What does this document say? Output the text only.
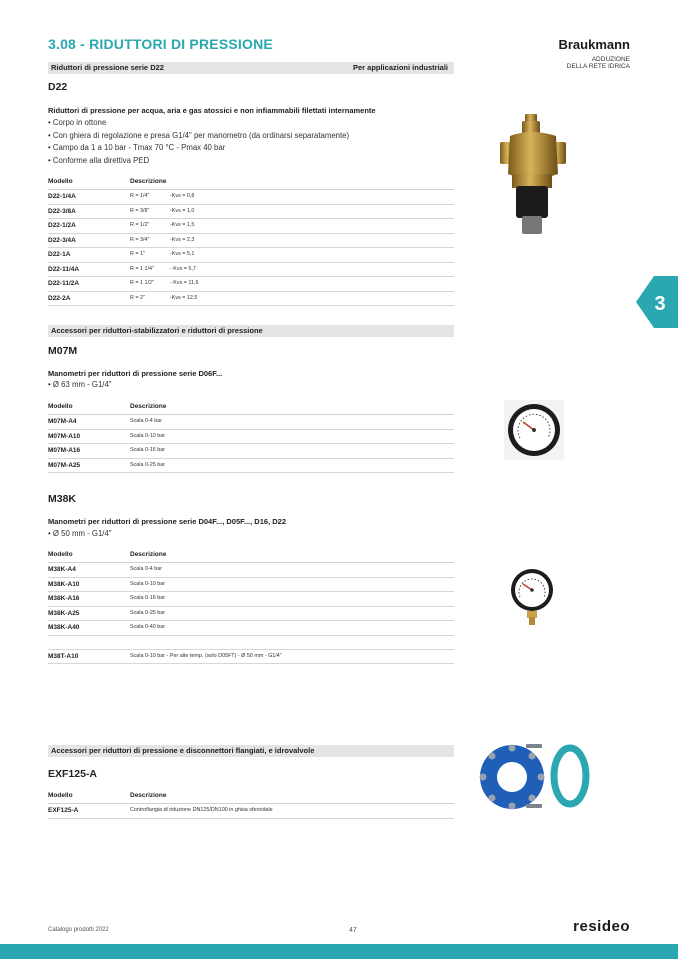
3.08 - RIDUTTORI DI PRESSIONE	Braukmann
ADDUZIONE
DELLA RETE IDRICA
Riduttori di pressione serie D22	Per applicazioni industriali
D22
Riduttori di pressione per acqua, aria e gas atossici e non infiammabili filettati internamente
• Corpo in ottone
• Con ghiera di regolazione e presa G1/4" per manometro (da ordinarsi separatamente)
• Campo da 1 a 10 bar - Tmax 70 °C - Pmax 40 bar
• Conforme alla direttiva PED
Modello	Descrizione
D22-1/4A	R = 1/4"	-Kvs = 0,8
D22-3/8A	R = 3/8"	-Kvs = 1,0
D22-1/2A	R = 1/2"	-Kvs = 1,5
D22-3/4A	R = 3/4"	-Kvs = 2,3
D22-1A	R = 1"	-Kvs = 5,1
D22-11/4A	R = 1 1/4"	- Kvs = 5,7
D22-11/2A	R = 1 1/2"	- Kvs = 11,6
D22-2A	R = 2"	-Kvs = 12,5	3
Accessori per riduttori-stabilizzatori e riduttori di pressione
M07M
Manometri per riduttori di pressione serie D06F...
• Ø 63 mm - G1/4"
Modello	Descrizione
M07M-A4	Scala 0-4 bar
M07M-A10	Scala 0-10 bar
M07M-A16	Scala 0-16 bar
M07M-A25	Scala 0-25 bar
M38K
Manometri per riduttori di pressione serie D04F..., D05F..., D16, D22
• Ø 50 mm - G1/4"
Modello	Descrizione
M38K-A4	Scala 0-4 bar
M38K-A10	Scala 0-10 bar
M38K-A16	Scala 0-16 bar
M38K-A25	Scala 0-25 bar
M38K-A40	Scala 0-40 bar
M38T-A10	Scala 0-10 bar - Per alte temp. (solo D05FT) - Ø 50 mm - G1/4"
Accessori per riduttori di pressione e disconnettori flangiati, e idrovalvole
EXF125-A
Modello	Descrizione
EXF125-A	Controflangia di riduzione DN125/DN100 in ghisa sferoidale
Catalogo prodotti 2022	47	resideo
